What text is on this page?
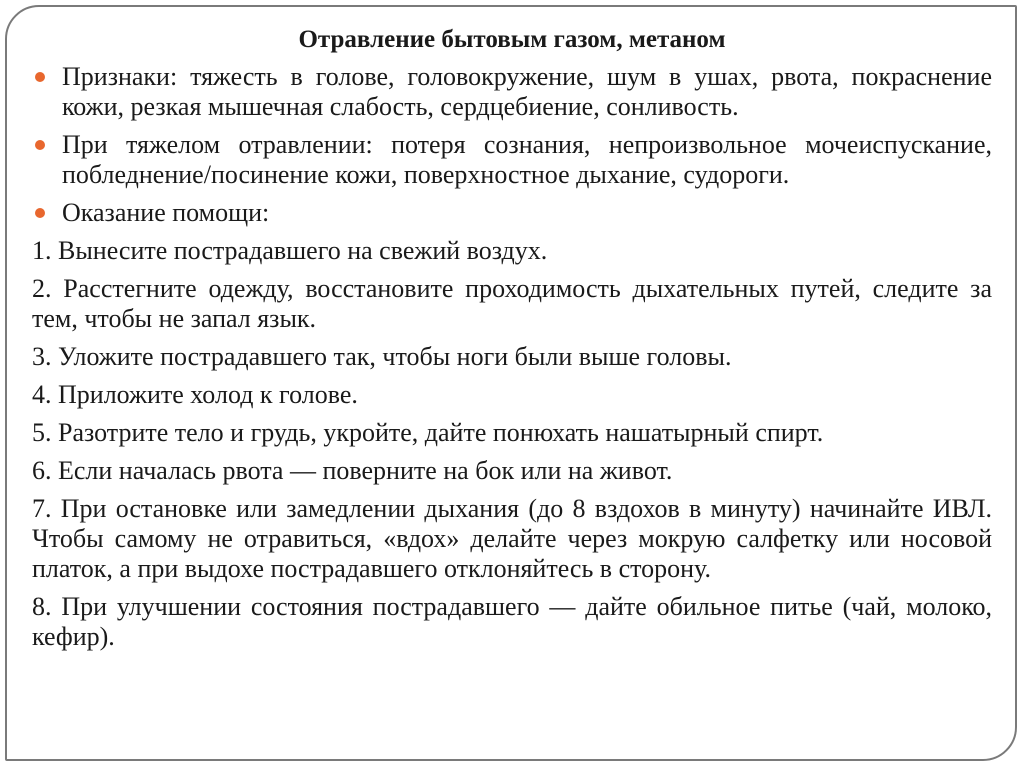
Отравление бытовым газом, метаном
Признаки: тяжесть в голове, головокружение, шум в ушах, рвота, покраснение кожи, резкая мышечная слабость, сердцебиение, сонливость.
При тяжелом отравлении: потеря сознания, непроизвольное мочеиспускание, побледнение/посинение кожи, поверхностное дыхание, судороги.
Оказание помощи:
1. Вынесите пострадавшего на свежий воздух.
2. Расстегните одежду, восстановите проходимость дыхательных путей, следите за тем, чтобы не запал язык.
3. Уложите пострадавшего так, чтобы ноги были выше головы.
4. Приложите холод к голове.
5. Разотрите тело и грудь, укройте, дайте понюхать нашатырный спирт.
6. Если началась рвота — поверните на бок или на живот.
7. При остановке или замедлении дыхания (до 8 вздохов в минуту) начинайте ИВЛ. Чтобы самому не отравиться, «вдох» делайте через мокрую салфетку или носовой платок, а при выдохе пострадавшего отклоняйтесь в сторону.
8. При улучшении состояния пострадавшего — дайте обильное питье (чай, молоко, кефир).
